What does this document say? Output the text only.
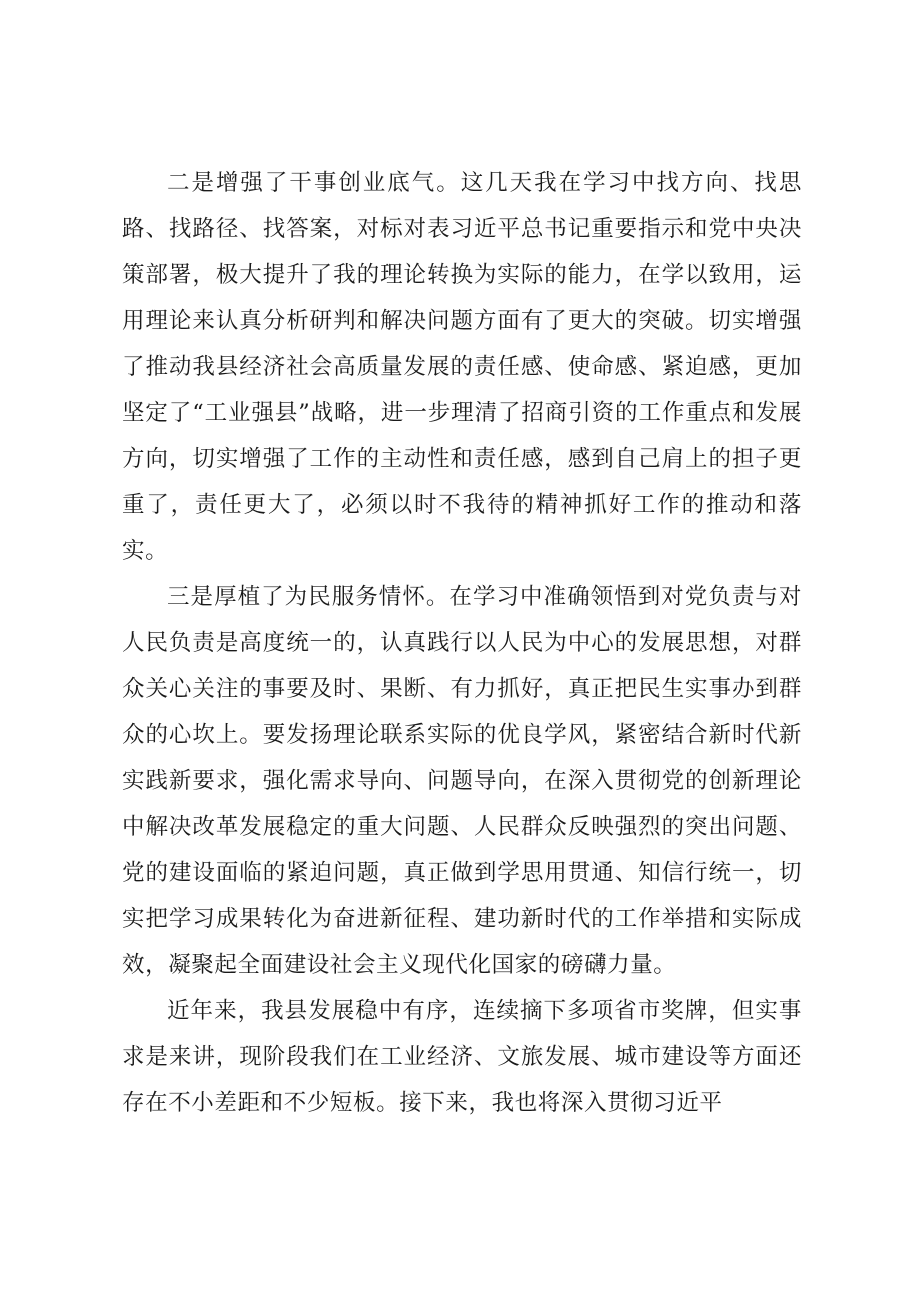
二是增强了干事创业底气。这几天我在学习中找方向、找思路、找路径、找答案，对标对表习近平总书记重要指示和党中央决策部署，极大提升了我的理论转换为实际的能力，在学以致用，运用理论来认真分析研判和解决问题方面有了更大的突破。切实增强了推动我县经济社会高质量发展的责任感、使命感、紧迫感，更加坚定了“工业强县”战略，进一步理清了招商引资的工作重点和发展方向，切实增强了工作的主动性和责任感，感到自己肩上的担子更重了，责任更大了，必须以时不我待的精神抓好工作的推动和落实。

三是厚植了为民服务情怀。在学习中准确领悟到对党负责与对人民负责是高度统一的，认真践行以人民为中心的发展思想，对群众关心关注的事要及时、果断、有力抓好，真正把民生实事办到群众的心坎上。要发扬理论联系实际的优良学风，紧密结合新时代新实践新要求，强化需求导向、问题导向，在深入贯彻党的创新理论中解决改革发展稳定的重大问题、人民群众反映强烈的突出问题、党的建设面临的紧迫问题，真正做到学思用贯通、知信行统一，切实把学习成果转化为奋进新征程、建功新时代的工作举措和实际成效，凝聚起全面建设社会主义现代化国家的磅礴力量。

近年来，我县发展稳中有序，连续摘下多项省市奖牌，但实事求是来讲，现阶段我们在工业经济、文旅发展、城市建设等方面还存在不小差距和不少短板。接下来，我也将深入贯彻习近平
